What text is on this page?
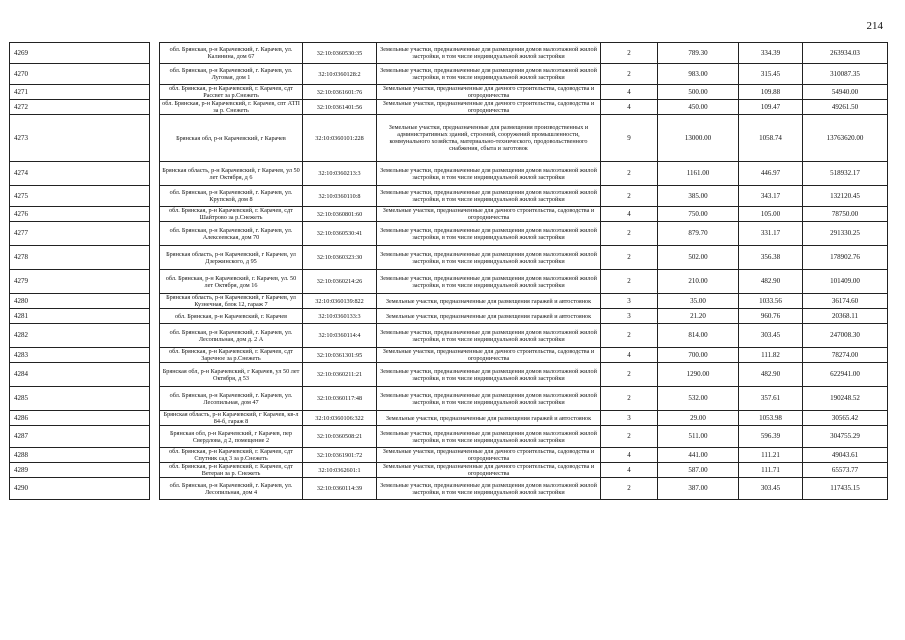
214
4269		обл. Брянская, р-н Карачевский, г. Карачев, ул. Калинина, дом 67	32:10:0360530:35	Земельные участки, предназначенные для размещения домов малоэтажной жилой застройки, в том числе индивидуальной жилой застройки	2	789.30	334.39	263934.03
4270		обл. Брянская, р-н Карачевский, г. Карачев, ул. Луговая, дом 1	32:10:0360128:2	Земельные участки, предназначенные для размещения домов малоэтажной жилой застройки, в том числе индивидуальной жилой застройки	2	983.00	315.45	310087.35
4271		обл. Брянская, р-н Карачевский, г. Карачев, сдт Рассвет за р.Снежеть	32:10:0361601:76	Земельные участки, предназначенные для дачного строительства, садоводства и огородничества	4	500.00	109.88	54940.00
4272		обл. Брянская, р-н Карачевский, г. Карачев, спт АТП за р. Снежеть	32:10:0361401:56	Земельные участки, предназначенные для дачного строительства, садоводства и огородничества	4	450.00	109.47	49261.50
4273		Брянская обл, р-н Карачевский, г Карачев	32:10:0360101:228	Земельные участки, предназначенные для размещения производственных и административных зданий, строений, сооружений промышленности, коммунального хозяйства, материально-технического, продовольственного снабжения, сбыта и заготовок	9	13000.00	1058.74	13763620.00
4274		Брянская область, р-н Карачевский, г Карачев, ул 50 лет Октября, д 6	32:10:0360213:3	Земельные участки, предназначенные для размещения домов малоэтажной жилой застройки, в том числе индивидуальной жилой застройки	2	1161.00	446.97	518932.17
4275		обл. Брянская, р-н Карачевский, г. Карачев, ул. Крупской, дом 8	32:10:0360110:8	Земельные участки, предназначенные для размещения домов малоэтажной жилой застройки, в том числе индивидуальной жилой застройки	2	385.00	343.17	132120.45
4276		обл. Брянская, р-н Карачевский, г. Карачев, сдт Шайтрово за р.Снежеть	32:10:0360801:60	Земельные участки, предназначенные для дачного строительства, садоводства и огородничества	4	750.00	105.00	78750.00
4277		обл. Брянская, р-н Карачевский, г. Карачев, ул. Алексеевская, дом 70	32:10:0360530:41	Земельные участки, предназначенные для размещения домов малоэтажной жилой застройки, в том числе индивидуальной жилой застройки	2	879.70	331.17	291330.25
4278		Брянская область, р-н Карачевский, г Карачев, ул Дзержинского, д 95	32:10:0360323:30	Земельные участки, предназначенные для размещения домов малоэтажной жилой застройки, в том числе индивидуальной жилой застройки	2	502.00	356.38	178902.76
4279		обл. Брянская, р-н Карачевский, г. Карачев, ул. 50 лет Октября, дом 16	32:10:0360214:26	Земельные участки, предназначенные для размещения домов малоэтажной жилой застройки, в том числе индивидуальной жилой застройки	2	210.00	482.90	101409.00
4280		Брянская область, р-н Карачевский, г Карачев, ул Кузнечная, блок 12, гараж 7	32:10:0360139:822	Земельные участки, предназначенные для размещения гаражей и автостоянок	3	35.00	1033.56	36174.60
4281		обл. Брянская, р-н Карачевский, г. Карачев	32:10:0360133:3	Земельные участки, предназначенные для размещения гаражей и автостоянок	3	21.20	960.76	20368.11
4282		обл. Брянская, р-н Карачевский, г. Карачев, ул. Лесопильная, дом д. 2 А	32:10:0360114:4	Земельные участки, предназначенные для размещения домов малоэтажной жилой застройки, в том числе индивидуальной жилой застройки	2	814.00	303.45	247008.30
4283		обл. Брянская, р-н Карачевский, г. Карачев, сдт Заречное за р.Снежеть	32:10:0361301:95	Земельные участки, предназначенные для дачного строительства, садоводства и огородничества	4	700.00	111.82	78274.00
4284		Брянская обл, р-н Карачевский, г Карачев, ул 50 лет Октября, д 53	32:10:0360211:21	Земельные участки, предназначенные для размещения домов малоэтажной жилой застройки, в том числе индивидуальной жилой застройки	2	1290.00	482.90	622941.00
4285		обл. Брянская, р-н Карачевский, г. Карачев, ул. Лесопильная, дом 47	32:10:0360117:48	Земельные участки, предназначенные для размещения домов малоэтажной жилой застройки, в том числе индивидуальной жилой застройки	2	532.00	357.61	190248.52
4286		Брянская область, р-н Карачевский, г Карачев, кв-л 84-б, гараж 8	32:10:0360106:322	Земельные участки, предназначенные для размещения гаражей и автостоянок	3	29.00	1053.98	30565.42
4287		Брянская обл, р-н Карачевский, г Карачев, пер Свердлова, д 2, помещение 2	32:10:0360508:21	Земельные участки, предназначенные для размещения домов малоэтажной жилой застройки, в том числе индивидуальной жилой застройки	2	511.00	596.39	304755.29
4288		обл. Брянская, р-н Карачевский, г. Карачев, сдт Спутник сад 3 за р.Снежеть	32:10:0361901:72	Земельные участки, предназначенные для дачного строительства, садоводства и огородничества	4	441.00	111.21	49043.61
4289		обл. Брянская, р-н Карачевский, г. Карачев, сдт Ветеран за р. Снежеть	32:10:0362601:1	Земельные участки, предназначенные для дачного строительства, садоводства и огородничества	4	587.00	111.71	65573.77
4290		обл. Брянская, р-н Карачевский, г. Карачев, ул. Лесопильная, дом 4	32:10:0360114:39	Земельные участки, предназначенные для размещения домов малоэтажной жилой застройки, в том числе индивидуальной жилой застройки	2	387.00	303.45	117435.15
